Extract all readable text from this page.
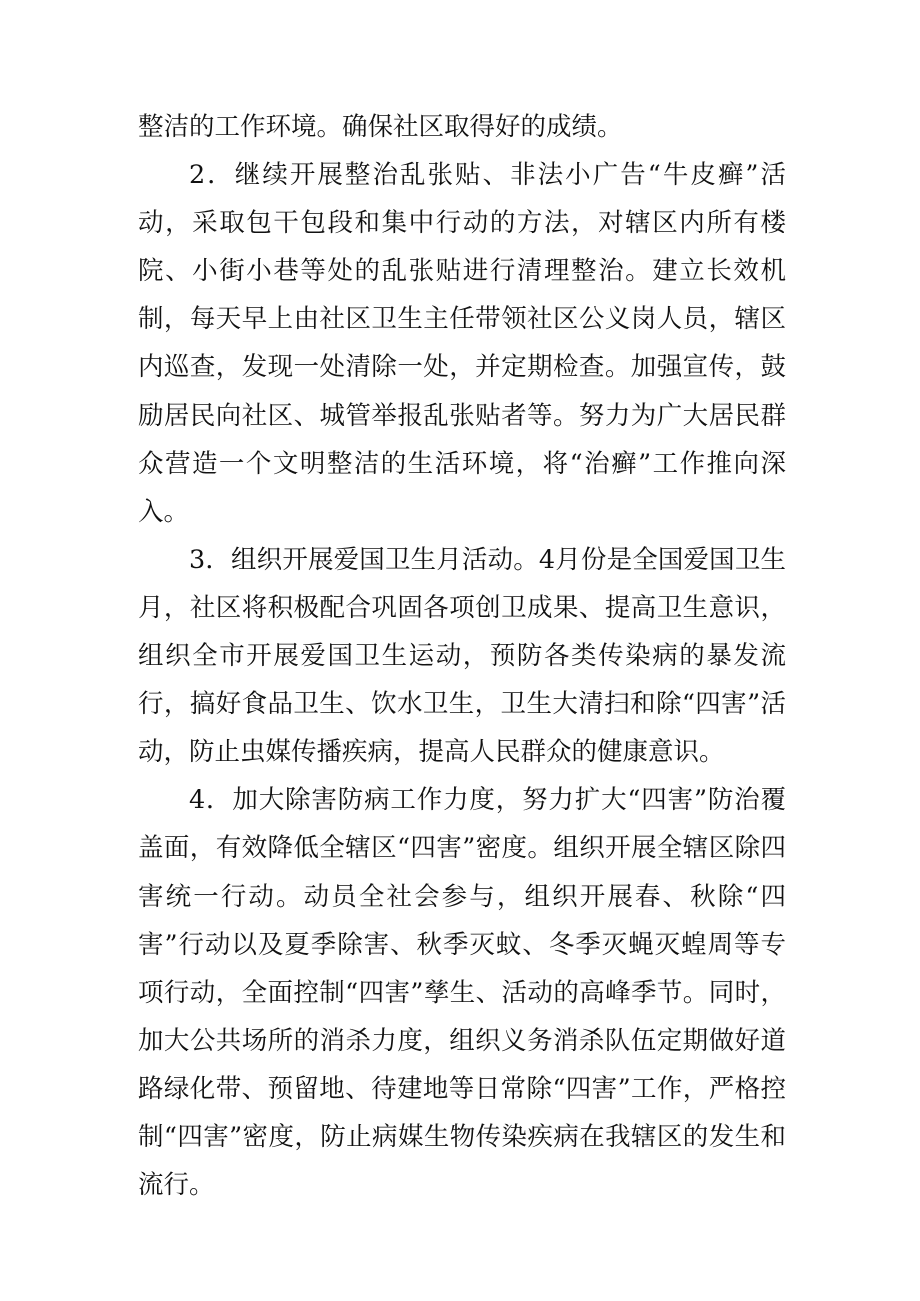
整洁的工作环境。确保社区取得好的成绩。

2．继续开展整治乱张贴、非法小广告“牛皮癣”活动，采取包干包段和集中行动的方法，对辖区内所有楼院、小街小巷等处的乱张贴进行清理整治。建立长效机制，每天早上由社区卫生主任带领社区公义岗人员，辖区内巡查，发现一处清除一处，并定期检查。加强宣传，鼓励居民向社区、城管举报乱张贴者等。努力为广大居民群众营造一个文明整洁的生活环境，将“治癣”工作推向深入。

3．组织开展爱国卫生月活动。4月份是全国爱国卫生月，社区将积极配合巩固各项创卫成果、提高卫生意识，组织全市开展爱国卫生运动，预防各类传染病的暴发流行，搞好食品卫生、饮水卫生，卫生大清扫和除“四害”活动，防止虫媒传播疾病，提高人民群众的健康意识。

4．加大除害防病工作力度，努力扩大“四害”防治覆盖面，有效降低全辖区“四害”密度。组织开展全辖区除四害统一行动。动员全社会参与，组织开展春、秋除“四害”行动以及夏季除害、秋季灭蚊、冬季灭蝇灭蝗周等专项行动，全面控制“四害”孳生、活动的高峰季节。同时，加大公共场所的消杀力度，组织义务消杀队伍定期做好道路绿化带、预留地、待建地等日常除“四害”工作，严格控制“四害”密度，防止病媒生物传染疾病在我辖区的发生和流行。
